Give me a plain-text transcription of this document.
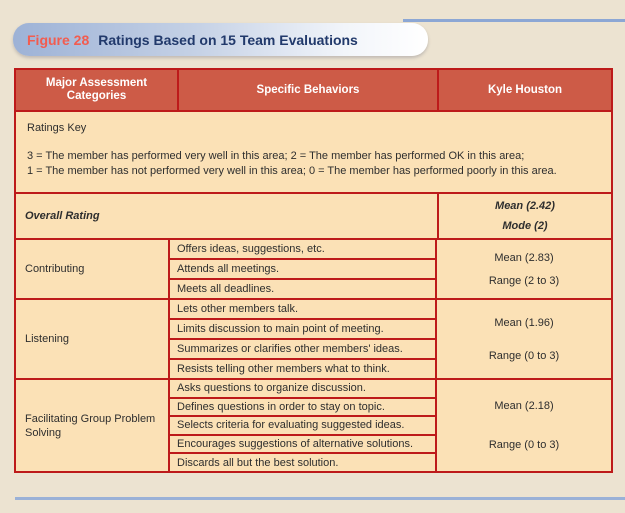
Figure 28 Ratings Based on 15 Team Evaluations
Major Assessment Categories
Specific Behaviors	Kyle Houston
Ratings Key
3 = The member has performed very well in this area; 2 = The member has performed OK in this area;
1 = The member has not performed very well in this area; 0 = The member has performed poorly in this area.
Overall Rating
Mean (2.42)
Mode (2)
Contributing
Offers ideas, suggestions, etc.
Attends all meetings.
Meets all deadlines.
Mean (2.83)
Range (2 to 3)
Listening
Lets other members talk.
Limits discussion to main point of meeting.
Summarizes or clarifies other members' ideas.
Resists telling other members what to think.
Mean (1.96)
Range (0 to 3)
Facilitating Group Problem Solving
Asks questions to organize discussion.
Defines questions in order to stay on topic.
Selects criteria for evaluating suggested ideas.
Encourages suggestions of alternative solutions.
Discards all but the best solution.
Mean (2.18)
Range (0 to 3)
